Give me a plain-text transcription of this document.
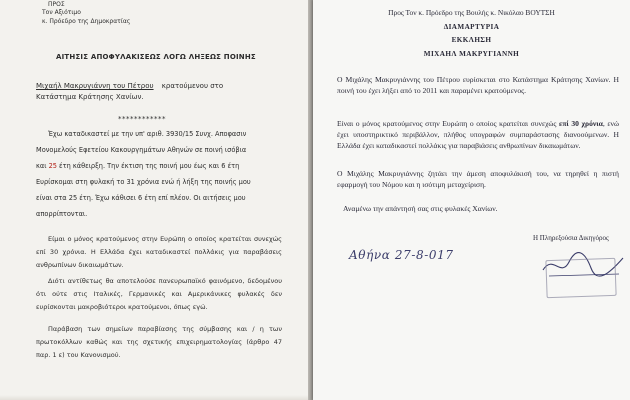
ΠΡΟΣ

Τον Αξιότιμο

κ. Πρόεδρο της Δημοκρατίας

ΑΙΤΗΣΙΣ ΑΠΟΦΥΛΑΚΙΣΕΩΣ ΛΟΓΩ ΛΗΞΕΩΣ ΠΟΙΝΗΣ

Μιχαήλ Μακρυγιάννη του Πέτρου κρατούμενου στο

Κατάστημα Κράτησης Χανίων.

************

Έχω καταδικαστεί με την υπ' αριθ. 3930/15 Συνχ. Αποφασιν

Μονομελούς Εφετείου Κακουργημάτων Αθηνών σε ποινή ισόβια

και 25 έτη κάθειρξη. Την έκτιση της ποινή μου έως και 6 έτη

Ευρίσκομαι στη φυλακή το 31 χρόνια ενώ ή λήξη της ποινής μου

είναι στα 25 έτη. Έχω κάθισει 6 έτη επί πλέον. Οι αιτήσεις μου

απορρίπτονται.

Είμαι ο μόνος κρατούμενος στην Ευρώπη ο οποίος κρατείται συνεχώς επί 30 χρόνια. Η Ελλάδα έχει καταδικαστεί πολλάκις για παραβάσεις ανθρωπίνων δικαιωμάτων.

Διότι αντίθετως θα αποτελούσε πανευρωπαϊκό φαινόμενο, δεδομένου ότι ούτε στις Ιταλικές, Γερμανικές και Αμερικάνικες φυλακές δεν ευρίσκονται μακροβιότεροι κρατούμενοι, όπως εγώ.

Παράβαση των σημείων παραβίασης της σύμβασης και / η των πρωτοκόλλων καθώς και της σχετικής επιχειρηματολογίας (άρθρο 47 παρ. 1 ε) του Κανονισμού.

Προς Τον κ. Πρόεδρο της Βουλής κ. Νικόλαο ΒΟΥΤΣΗ

ΔΙΑΜΑΡΤΥΡΙΑ

ΕΚΚΛΗΣΗ

ΜΙΧΑΗΛ ΜΑΚΡΥΓΙΑΝΝΗ

Ο Μιχάλης Μακρυγιάννης του Πέτρου ευρίσκεται στο Κατάστημα Κράτησης Χανίων. Η ποινή του έχει λήξει από το 2011 και παραμένει κρατούμενος.

Είναι ο μόνος κρατούμενος στην Ευρώπη ο οποίος κρατείται συνεχώς επί 30 χρόνια, ενώ έχει υποστηρικτικό περιβάλλον, πλήθος υπογραφών συμπαράστασης διανοούμενων. Η Ελλάδα έχει καταδικαστεί πολλάκις για παραβιάσεις ανθρωπίνων δικαιωμάτων.

Ο Μιχάλης Μακρυγιάννης ζητάει την άμεση αποφυλάκισή του, να τηρηθεί η πιστή εφαρμογή του Νόμου και η ισότιμη μεταχείριση.

Αναμένω την απάντησή σας στις φυλακές Χανίων.

Η Πληρεξούσια Δικηγόρος

Αθήνα 27-8-017
